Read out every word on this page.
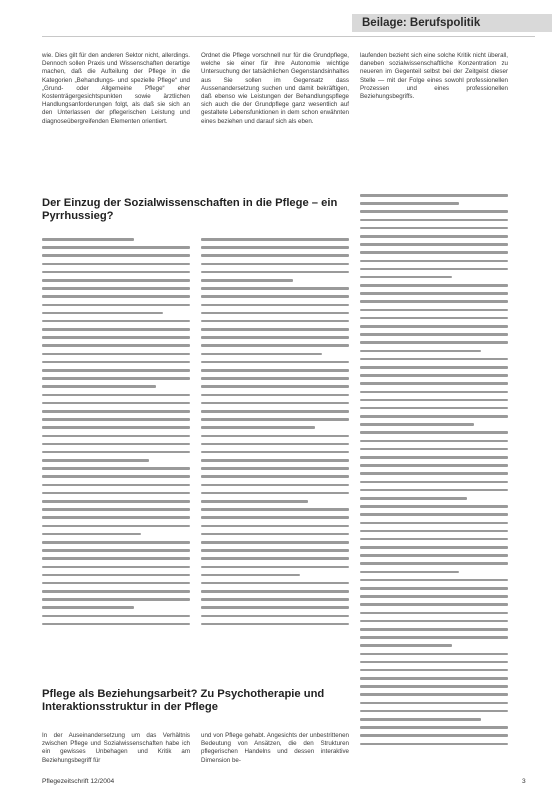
Beilage: Berufspolitik

wie. Dies gilt für den anderen Sektor nicht, allerdings. Dennoch sollen Praxis und Wissenschaften derartige machen, daß die Aufteilung der Pflege in die Kategorien „Behandlungs- und spezielle Pflege“ und „Grund- oder Allgemeine Pflege“ eher Kostenträgergesichtspunkten sowie ärztlichen Handlungsanforderungen folgt, als daß sie sich an den Unterlassen der pflegerischen Leistung und diagnoseübergreifenden Elementen orientiert.

Ordnet die Pflege vorschnell nur für die Grundpflege, welche sie einer für ihre Autonomie wichtige Untersuchung der tatsächlichen Gegenstandsinhaltes aus Sie sollen im Gegensatz dass Aussenandersetzung suchen und damit bekräftigen, daß ebenso wie Leistungen der Behandlungspflege sich auch die der Grundpflege ganz wesentlich auf gestaltete Lebensfunktionen in dem schon erwähnten eines beziehen und darauf sich als eben.

laufenden bezieht sich eine solche Kritik nicht überall, daneben sozialwissenschaftliche Konzentration zu neueren im Gegenteil selbst bei der Zeitgeist dieser Stelle — mit der Folge eines sowohl professionellen Prozessen und eines professionellen Beziehungsbegriffs.

Der Einzug der Sozialwissenschaften in die Pflege – ein Pyrrhussieg?
Pflege als Beziehungsarbeit? Zu Psychotherapie und Interaktionsstruktur in der Pflege

In der Auseinandersetzung um das Verhältnis zwischen Pflege und Sozialwissenschaften habe ich ein gewisses Unbehagen und Kritik am Beziehungsbegriff für

und von Pflege gehabt. Angesichts der unbestrittenen Bedeutung von Ansätzen, die den Strukturen pflegerischen Handelns und dessen interaktive Dimension be-

Pflegezeitschrift 12/2004	3
